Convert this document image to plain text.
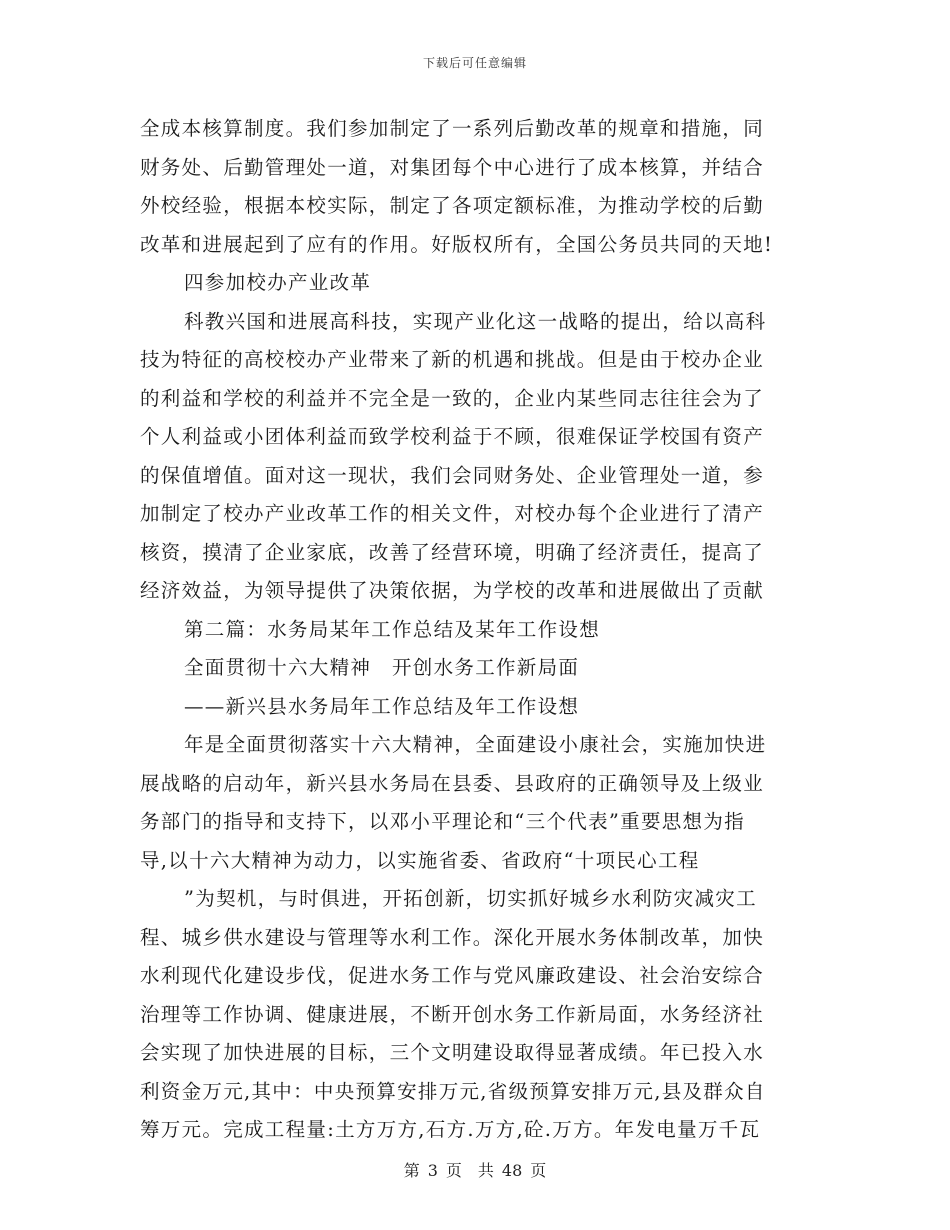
下载后可任意编辑
全成本核算制度。我们参加制定了一系列后勤改革的规章和措施，同
财务处、后勤管理处一道，对集团每个中心进行了成本核算，并结合
外校经验，根据本校实际，制定了各项定额标准，为推动学校的后勤
改革和进展起到了应有的作用。好版权所有，全国公务员共同的天地!
四参加校办产业改革
科教兴国和进展高科技，实现产业化这一战略的提出，给以高科
技为特征的高校校办产业带来了新的机遇和挑战。但是由于校办企业
的利益和学校的利益并不完全是一致的，企业内某些同志往往会为了
个人利益或小团体利益而致学校利益于不顾，很难保证学校国有资产
的保值增值。面对这一现状，我们会同财务处、企业管理处一道，参
加制定了校办产业改革工作的相关文件，对校办每个企业进行了清产
核资，摸清了企业家底，改善了经营环境，明确了经济责任，提高了
经济效益，为领导提供了决策依据，为学校的改革和进展做出了贡献
第二篇：水务局某年工作总结及某年工作设想
全面贯彻十六大精神　开创水务工作新局面
——新兴县水务局年工作总结及年工作设想
年是全面贯彻落实十六大精神，全面建设小康社会，实施加快进
展战略的启动年，新兴县水务局在县委、县政府的正确领导及上级业
务部门的指导和支持下，以邓小平理论和“三个代表”重要思想为指
导,以十六大精神为动力，以实施省委、省政府“十项民心工程
”为契机，与时俱进，开拓创新，切实抓好城乡水利防灾减灾工
程、城乡供水建设与管理等水利工作。深化开展水务体制改革，加快
水利现代化建设步伐，促进水务工作与党风廉政建设、社会治安综合
治理等工作协调、健康进展，不断开创水务工作新局面，水务经济社
会实现了加快进展的目标，三个文明建设取得显著成绩。年已投入水
利资金万元,其中：中央预算安排万元,省级预算安排万元,县及群众自
筹万元。完成工程量:土方万方,石方.万方,砼.万方。年发电量万千瓦
第 3 页　共 48 页
